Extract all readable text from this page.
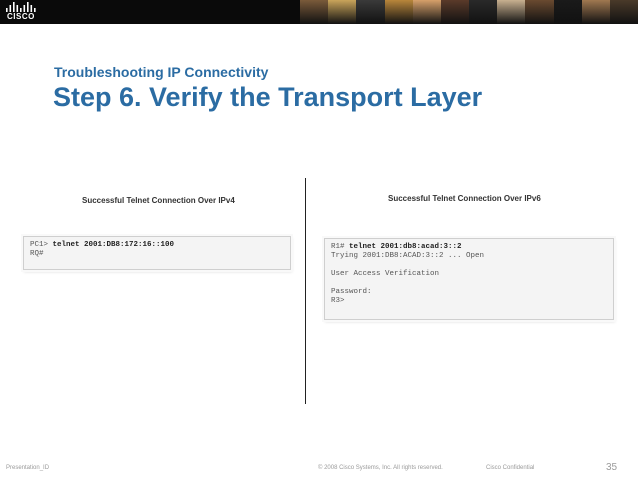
CISCO
Troubleshooting IP Connectivity
Step 6. Verify the Transport Layer
Successful Telnet Connection Over IPv4
PC1> telnet 2001:DB8:172:16::100
RQ#
Successful Telnet Connection Over IPv6
R1# telnet 2001:db8:acad:3::2
Trying 2001:DB8:ACAD:3::2 ... Open
User Access Verification
Password:
R3>
Presentation_ID	© 2008 Cisco Systems, Inc. All rights reserved.	Cisco Confidential	35
